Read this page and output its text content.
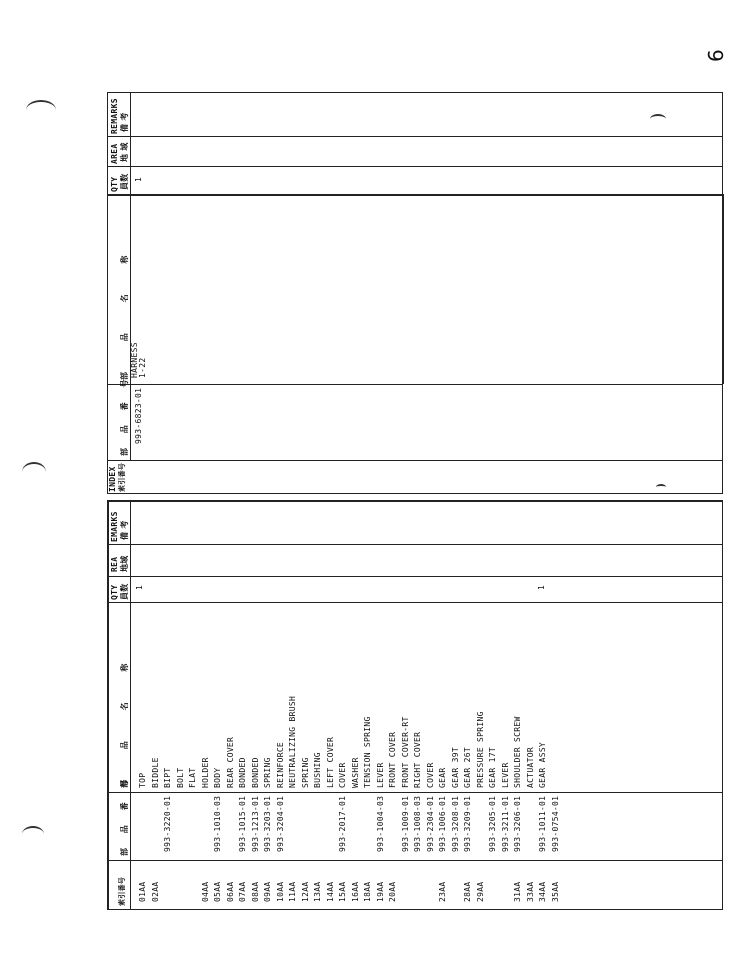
6
REMARKS 備 考
AREA 地 域
QTY 員数 1
部 品 名 称 HARNESS 1-22
部 品 番 号 993-6823-01
INDEX 索引番号
EMARKS 備 考
REA 地域
QTY 員数 1	1
部 品 名 称
部 品 番 号
索引番号 01AA
TOP
02AA
BIDDLE
993-3220-01
BIPT BOLT FLAT
04AA
HOLDER
05AA
993-1010-03
BODY
06AA
REAR COVER
07AA
993-1015-01
BONDED
08AA
993-1213-01
BONDED
09AA
993-3203-01
SPRING
10AA
993-3204-01
REINFORCE
11AA
NEUTRALIZING BRUSH
12AA
SPRING
13AA
BUSHING
14AA
LEFT COVER
15AA
993-2017-01
COVER
16AA
WASHER
18AA
TENSION SPRING
19AA
993-1004-03
LEVER
20AA
FRONT COVER
993-1009-01
FRONT COVER-RT
993-1008-03
RIGHT COVER
993-2304-01
COVER
23AA
993-1006-01
GEAR
993-3208-01
GEAR 39T
28AA
993-3209-01
GEAR 26T
29AA
PRESSURE SPRING
993-3205-01
GEAR 17T
993-3211-01
LEVER
31AA
993-3206-01
SHOULDER SCREW
33AA
ACTUATOR
34AA
993-1011-01
GEAR ASSY
35AA
993-0754-01
